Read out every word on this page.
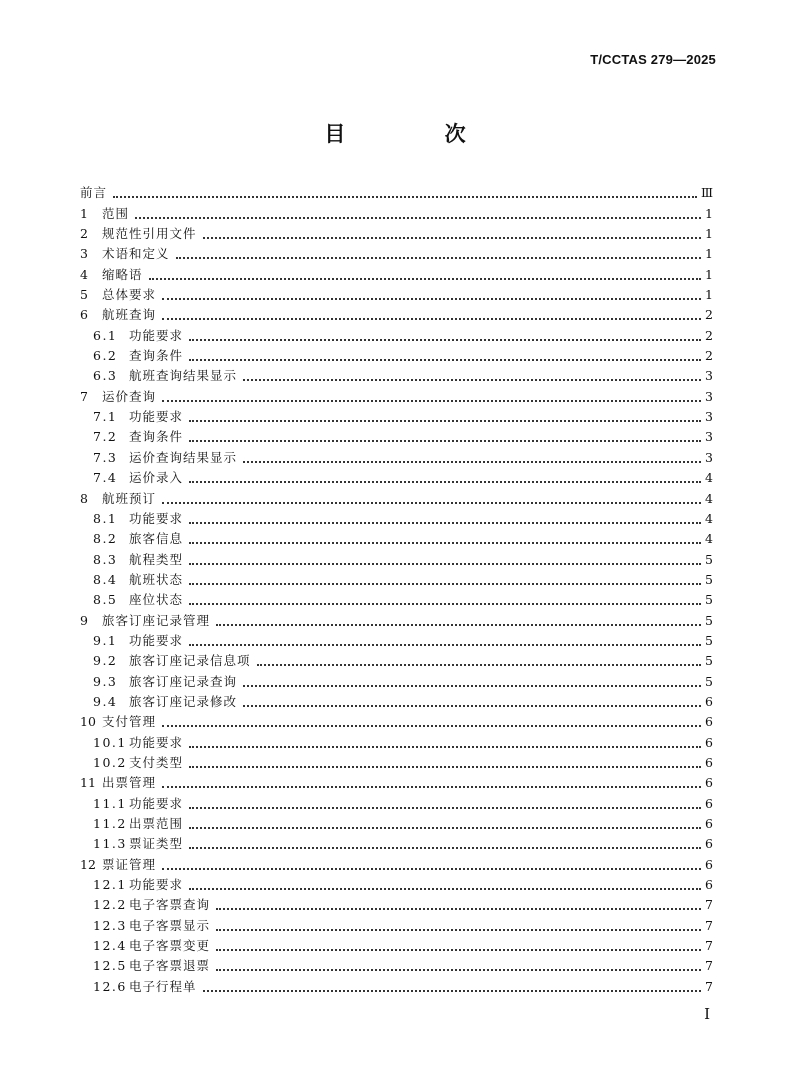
T/CCTAS 279—2025
目 次
前言	Ⅲ
1	范围	1
2	规范性引用文件	1
3	术语和定义	1
4	缩略语	1
5	总体要求	1
6	航班查询	2
6.1 功能要求	2
6.2 查询条件	2
6.3 航班查询结果显示	3
7	运价查询	3
7.1 功能要求	3
7.2 查询条件	3
7.3 运价查询结果显示	3
7.4 运价录入	4
8	航班预订	4
8.1 功能要求	4
8.2 旅客信息	4
8.3 航程类型	5
8.4 航班状态	5
8.5 座位状态	5
9	旅客订座记录管理	5
9.1 功能要求	5
9.2 旅客订座记录信息项	5
9.3 旅客订座记录查询	5
9.4 旅客订座记录修改	6
10 支付管理	6
10.1 功能要求	6
10.2 支付类型	6
11 出票管理	6
11.1 功能要求	6
11.2 出票范围	6
11.3 票证类型	6
12 票证管理	6
12.1 功能要求	6
12.2 电子客票查询	7
12.3 电子客票显示	7
12.4 电子客票变更	7
12.5 电子客票退票	7
12.6 电子行程单	7
I
